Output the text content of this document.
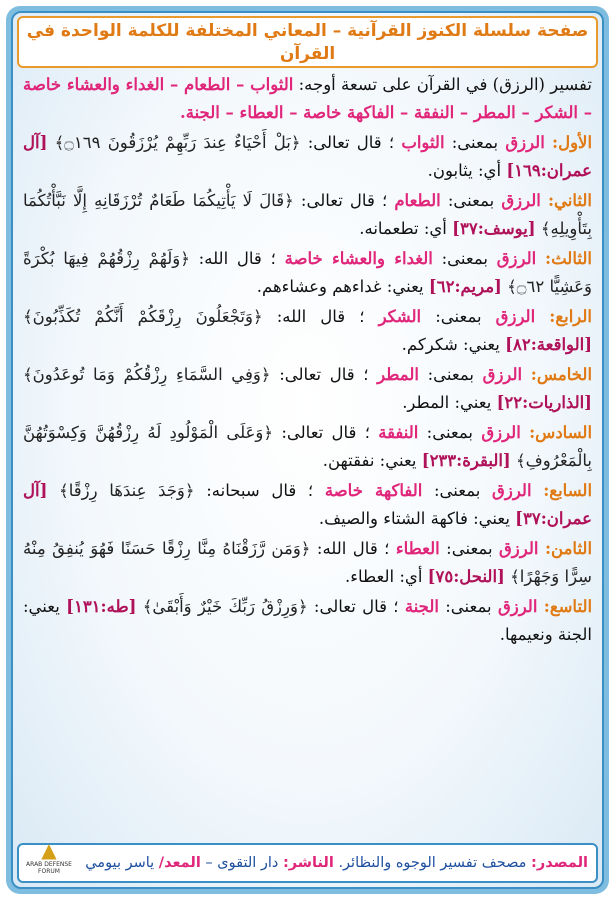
صفحة سلسلة الكنوز القرآنية – المعاني المختلفة للكلمة الواحدة في القرآن

تفسير (الرزق) في القرآن على تسعة أوجه: الثواب – الطعام – الغداء والعشاء خاصة – الشكر – المطر – النفقة – الفاكهة خاصة – العطاء – الجنة.

الأول: الرزق بمعنى: الثواب ؛ قال تعالى: ﴿بَلْ أَحْيَاءٌ عِندَ رَبِّهِمْ يُرْزَقُونَ ۝١٦٩﴾ [آل عمران:١٦٩] أي: يثابون.

الثاني: الرزق بمعنى: الطعام ؛ قال تعالى: ﴿قَالَ لَا يَأْتِيكُمَا طَعَامٌ تُرْزَقَانِهِ إِلَّا نَبَّأْتُكُمَا بِتَأْوِيلِهِ﴾ [يوسف:٣٧] أي: تطعمانه.

الثالث: الرزق بمعنى: الغداء والعشاء خاصة ؛ قال الله: ﴿وَلَهُمْ رِزْقُهُمْ فِيهَا بُكْرَةً وَعَشِيًّا ۝٦٢﴾ [مريم:٦٢] يعني: غداءهم وعشاءهم.

الرابع: الرزق بمعنى: الشكر ؛ قال الله: ﴿وَتَجْعَلُونَ رِزْقَكُمْ أَنَّكُمْ تُكَذِّبُونَ﴾ [الواقعة:٨٢] يعني: شكركم.

الخامس: الرزق بمعنى: المطر ؛ قال تعالى: ﴿وَفِي السَّمَاءِ رِزْقُكُمْ وَمَا تُوعَدُونَ﴾ [الذاريات:٢٢] يعني: المطر.

السادس: الرزق بمعنى: النفقة ؛ قال تعالى: ﴿وَعَلَى الْمَوْلُودِ لَهُ رِزْقُهُنَّ وَكِسْوَتُهُنَّ بِالْمَعْرُوفِ﴾ [البقرة:٢٣٣] يعني: نفقتهن.

السابع: الرزق بمعنى: الفاكهة خاصة ؛ قال سبحانه: ﴿وَجَدَ عِندَهَا رِزْقًا﴾ [آل عمران:٣٧] يعني: فاكهة الشتاء والصيف.

الثامن: الرزق بمعنى: العطاء ؛ قال الله: ﴿وَمَن رَّزَقْنَاهُ مِنَّا رِزْقًا حَسَنًا فَهُوَ يُنفِقُ مِنْهُ سِرًّا وَجَهْرًا﴾ [النحل:٧٥] أي: العطاء.

التاسع: الرزق بمعنى: الجنة ؛ قال تعالى: ﴿وَرِزْقُ رَبِّكَ خَيْرٌ وَأَبْقَىٰ﴾ [طه:١٣١] يعني: الجنة ونعيمها.

المصدر: مصحف تفسير الوجوه والنظائر. الناشر: دار التقوى – المعد/ ياسر بيومي
▲
ARAB DEFENSE FORUM
